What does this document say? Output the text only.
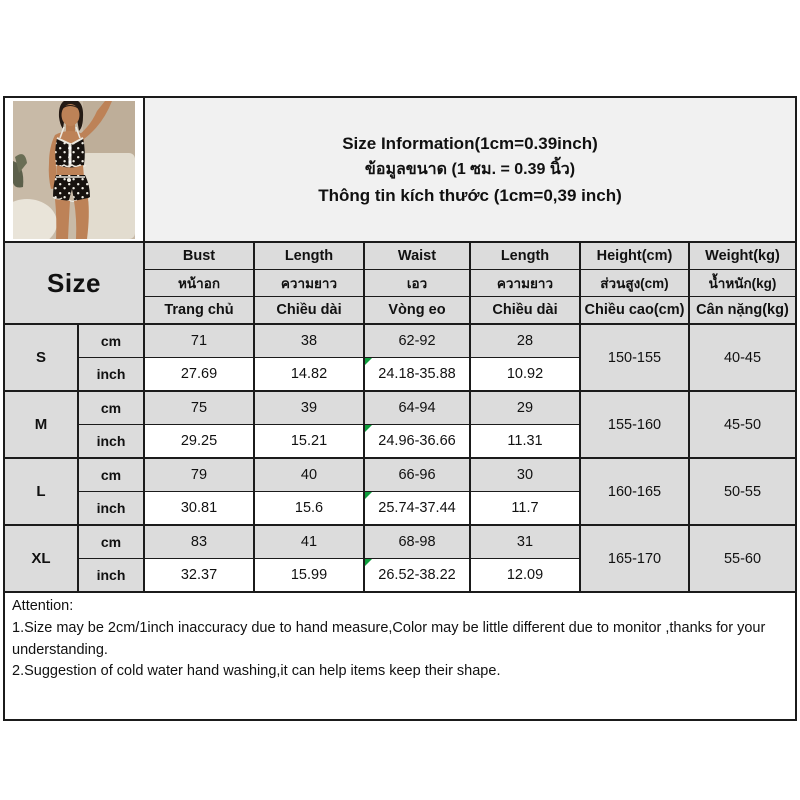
Size Information(1cm=0.39inch)
ข้อมูลขนาด (1 ซม. = 0.39 นิ้ว)
Thông tin kích thước (1cm=0,39 inch)					

Size		Bust	Length	Waist	Length	Height(cm)	Weight(kg)
		หน้าอก	ความยาว	เอว	ความยาว	ส่วนสูง(cm)	น้ำหนัก(kg)
		Trang chủ	Chiều dài	Vòng eo	Chiều dài	Chiều cao(cm)	Cân nặng(kg)
S	cm	71	38	62-92	28	150-155	40-45
	inch	27.69	14.82	24.18-35.88	10.92		
M	cm	75	39	64-94	29	155-160	45-50
	inch	29.25	15.21	24.96-36.66	11.31		
L	cm	79	40	66-96	30	160-165	50-55
	inch	30.81	15.6	25.74-37.44	11.7		
XL	cm	83	41	68-98	31	165-170	55-60
	inch	32.37	15.99	26.52-38.22	12.09		

Attention:
1.Size may be 2cm/1inch inaccuracy due to hand measure,Color may be little different due to monitor ,thanks for your understanding.
2.Suggestion of cold water hand washing,it can help items keep their shape.							
